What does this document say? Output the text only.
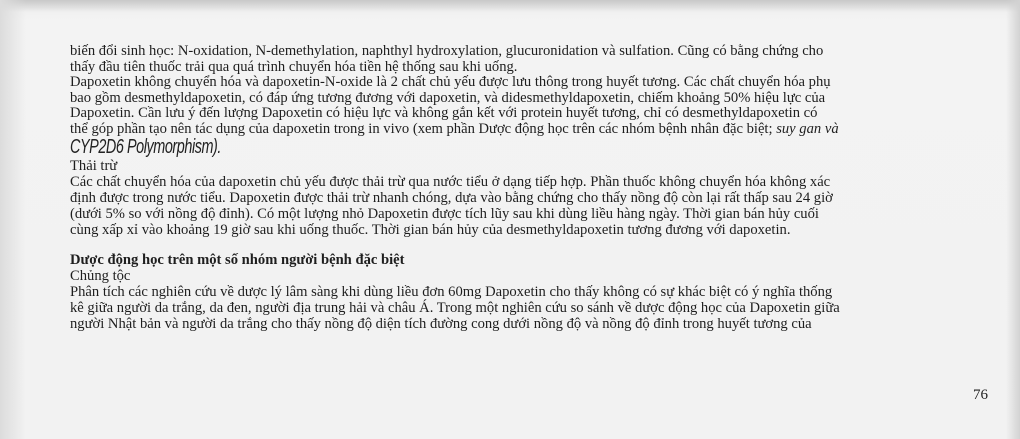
biến đổi sinh học: N-oxidation, N-demethylation, naphthyl hydroxylation, glucuronidation và sulfation. Cũng có bằng chứng cho

thấy đầu tiên thuốc trải qua quá trình chuyển hóa tiền hệ thống sau khi uống.

Dapoxetin không chuyển hóa và dapoxetin-N-oxide là 2 chất chủ yếu được lưu thông trong huyết tương. Các chất chuyển hóa phụ

bao gồm desmethyldapoxetin, có đáp ứng tương đương với dapoxetin, và didesmethyldapoxetin, chiếm khoảng 50% hiệu lực của

Dapoxetin. Cần lưu ý đến lượng Dapoxetin có hiệu lực và không gắn kết với protein huyết tương, chỉ có desmethyldapoxetin có

thể góp phần tạo nên tác dụng của dapoxetin trong in vivo (xem phần Dược động học trên các nhóm bệnh nhân đặc biệt; suy gan và

CYP2D6 Polymorphism).

Thải trừ

Các chất chuyển hóa của dapoxetin chủ yếu được thải trừ qua nước tiểu ở dạng tiếp hợp. Phần thuốc không chuyển hóa không xác

định được trong nước tiểu. Dapoxetin được thải trừ nhanh chóng, dựa vào bằng chứng cho thấy nồng độ còn lại rất thấp sau 24 giờ

(dưới 5% so với nồng độ đỉnh). Có một lượng nhỏ Dapoxetin được tích lũy sau khi dùng liều hàng ngày. Thời gian bán hủy cuối

cùng xấp xỉ vào khoảng 19 giờ sau khi uống thuốc. Thời gian bán hủy của desmethyldapoxetin tương đương với dapoxetin.

Dược động học trên một số nhóm người bệnh đặc biệt

Chủng tộc

Phân tích các nghiên cứu về dược lý lâm sàng khi dùng liều đơn 60mg Dapoxetin cho thấy không có sự khác biệt có ý nghĩa thống

kê giữa người da trắng, da đen, người địa trung hải và châu Á. Trong một nghiên cứu so sánh về dược động học của Dapoxetin giữa

người Nhật bản và người da trắng cho thấy nồng độ diện tích đường cong dưới nồng độ và nồng độ đỉnh trong huyết tương của

76
